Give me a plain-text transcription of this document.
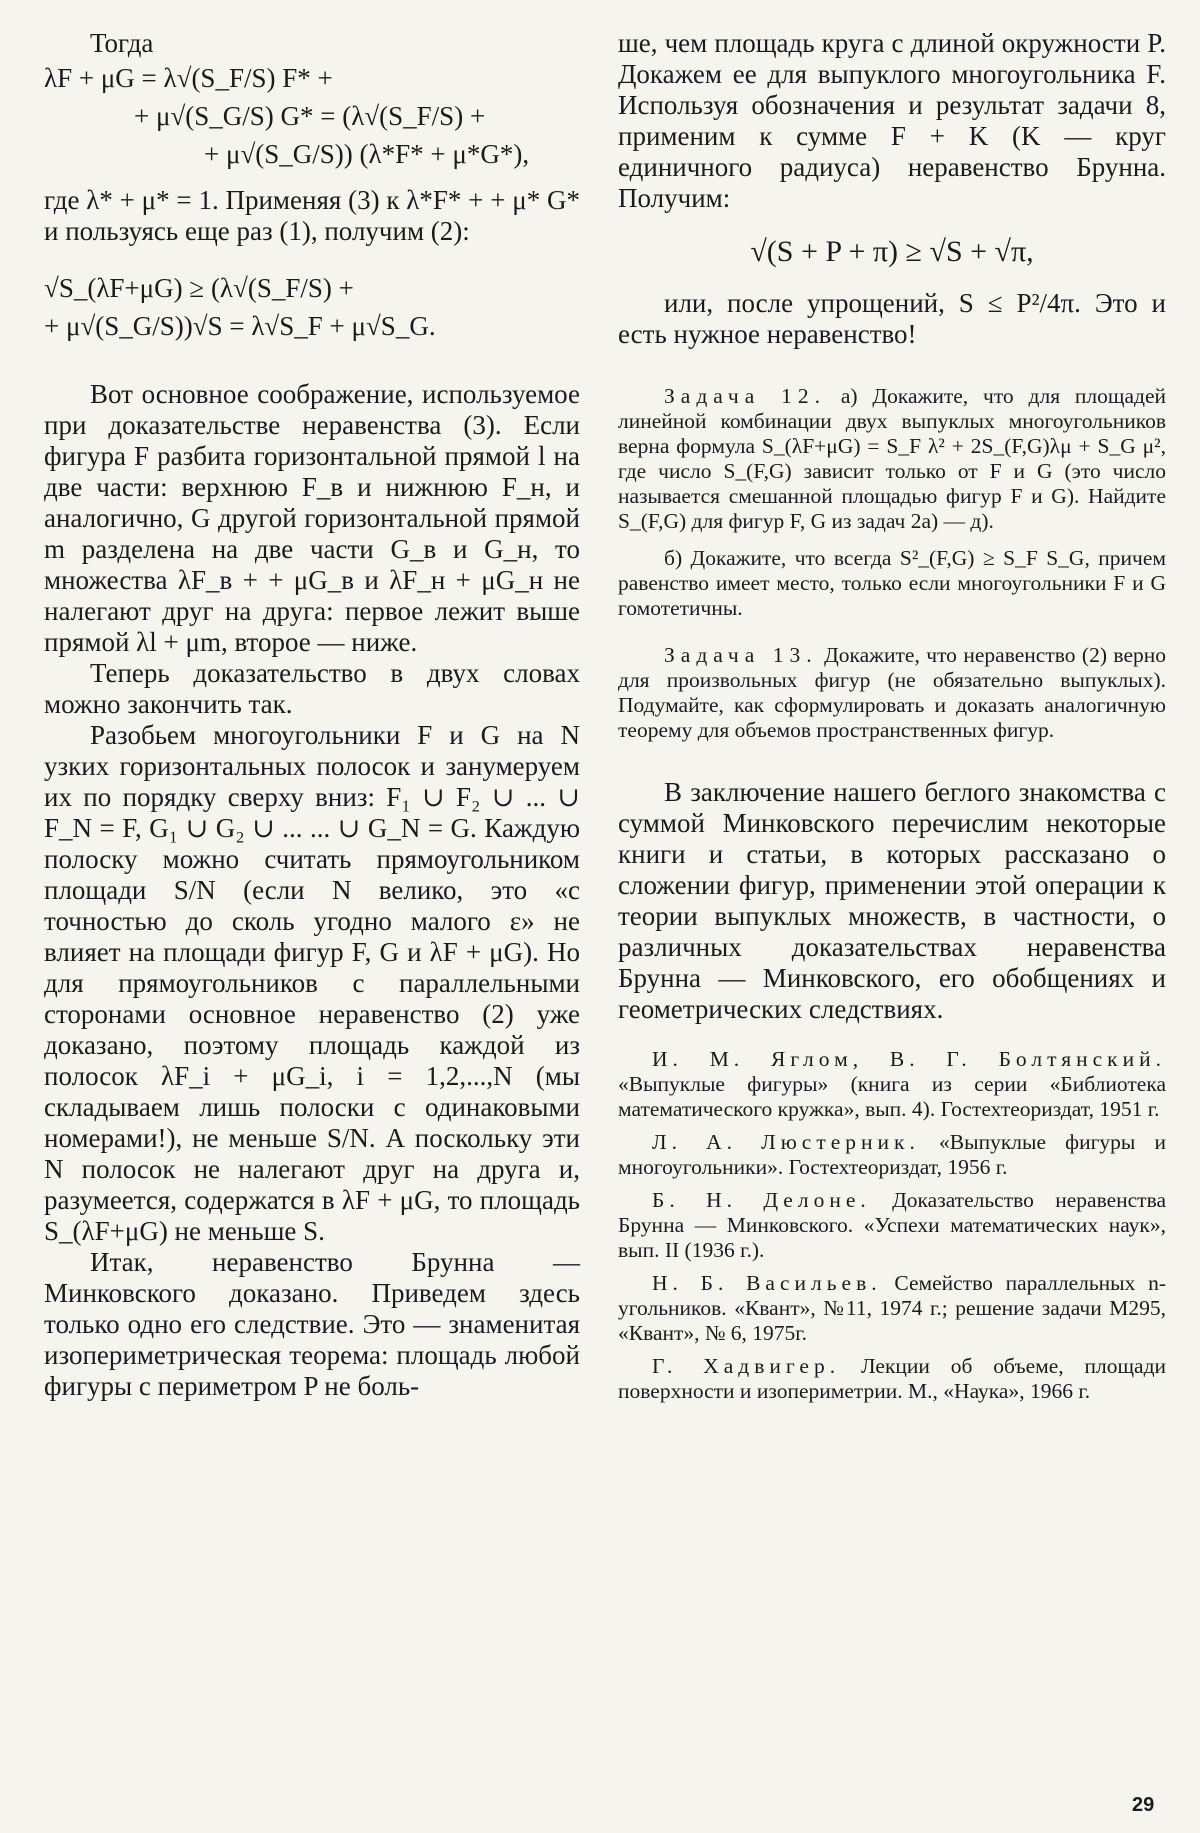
Тогда

λF + μG = λ√(S_F/S) F* +

+ μ√(S_G/S) G* = (λ√(S_F/S) +

+ μ√(S_G/S)) (λ*F* + μ*G*),

где λ* + μ* = 1. Применяя (3) к λ*F* + + μ* G* и пользуясь еще раз (1), получим (2):

√S_(λF+μG) ≥ (λ√(S_F/S) +

+ μ√(S_G/S))√S = λ√S_F + μ√S_G.

Вот основное соображение, используемое при доказательстве неравенства (3). Если фигура F разбита горизонтальной прямой l на две части: верхнюю F_в и нижнюю F_н, и аналогично, G другой горизонтальной прямой m разделена на две части G_в и G_н, то множества λF_в + + μG_в и λF_н + μG_н не налегают друг на друга: первое лежит выше прямой λl + μm, второе — ниже.

Теперь доказательство в двух словах можно закончить так.

Разобьем многоугольники F и G на N узких горизонтальных полосок и занумеруем их по порядку сверху вниз: F₁ ∪ F₂ ∪ ... ∪ F_N = F, G₁ ∪ G₂ ∪ ... ... ∪ G_N = G. Каждую полоску можно считать прямоугольником площади S/N (если N велико, это «с точностью до сколь угодно малого ε» не влияет на площади фигур F, G и λF + μG). Но для прямоугольников с параллельными сторонами основное неравенство (2) уже доказано, поэтому площадь каждой из полосок λF_i + μG_i, i = 1,2,...,N (мы складываем лишь полоски с одинаковыми номерами!), не меньше S/N. А поскольку эти N полосок не налегают друг на друга и, разумеется, содержатся в λF + μG, то площадь S_(λF+μG) не меньше S.

Итак, неравенство Брунна — Минковского доказано. Приведем здесь только одно его следствие. Это — знаменитая изопериметрическая теорема: площадь любой фигуры с периметром P не боль-

ше, чем площадь круга с длиной окружности P. Докажем ее для выпуклого многоугольника F. Используя обозначения и результат задачи 8, применим к сумме F + K (K — круг единичного радиуса) неравенство Брунна. Получим:

√(S + P + π) ≥ √S + √π,

или, после упрощений, S ≤ P²/4π. Это и есть нужное неравенство!

Задача 12. а) Докажите, что для площадей линейной комбинации двух выпуклых многоугольников верна формула S_(λF+μG) = S_F λ² + 2S_(F,G)λμ + S_G μ², где число S_(F,G) зависит только от F и G (это число называется смешанной площадью фигур F и G). Найдите S_(F,G) для фигур F, G из задач 2а) — д).

б) Докажите, что всегда S²_(F,G) ≥ S_F S_G, причем равенство имеет место, только если многоугольники F и G гомотетичны.

Задача 13. Докажите, что неравенство (2) верно для произвольных фигур (не обязательно выпуклых). Подумайте, как сформулировать и доказать аналогичную теорему для объемов пространственных фигур.

В заключение нашего беглого знакомства с суммой Минковского перечислим некоторые книги и статьи, в которых рассказано о сложении фигур, применении этой операции к теории выпуклых множеств, в частности, о различных доказательствах неравенства Брунна — Минковского, его обобщениях и геометрических следствиях.

И. М. Яглом, В. Г. Болтянский. «Выпуклые фигуры» (книга из серии «Библиотека математического кружка», вып. 4). Гостехтеориздат, 1951 г.

Л. А. Люстерник. «Выпуклые фигуры и многоугольники». Гостехтеориздат, 1956 г.

Б. Н. Делоне. Доказательство неравенства Брунна — Минковского. «Успехи математических наук», вып. II (1936 г.).

Н. Б. Васильев. Семейство параллельных n-угольников. «Квант», №11, 1974 г.; решение задачи М295, «Квант», № 6, 1975г.

Г. Хадвигер. Лекции об объеме, площади поверхности и изопериметрии. М., «Наука», 1966 г.

29
